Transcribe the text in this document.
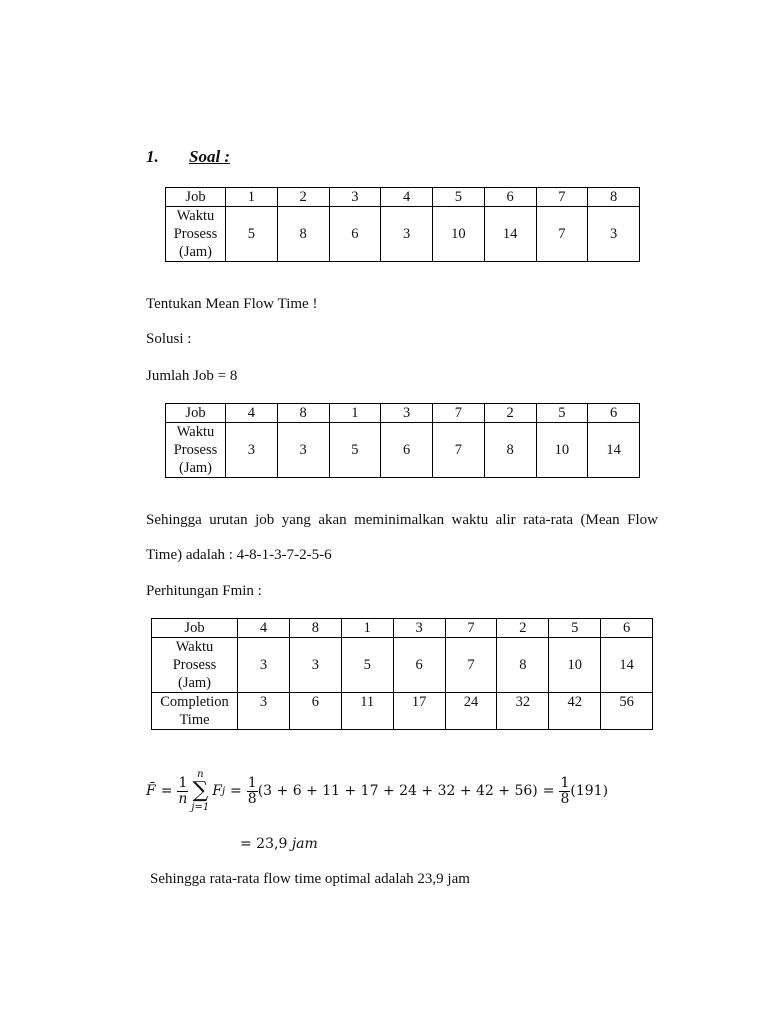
1. Soal :
Job	1	2	3	4	5	6	7	8

Waktu
Prosess
(Jam)	5	8	6	3	10	14	7	3
Tentukan Mean Flow Time !
Solusi :
Jumlah Job = 8
Job	4	8	1	3	7	2	5	6

Waktu
Prosess
(Jam)	3	3	5	6	7	8	10	14
Sehingga urutan job yang akan meminimalkan waktu alir rata-rata (Mean Flow
Time) adalah : 4-8-1-3-7-2-5-6
Perhitungan Fmin :
Job	4	8	1	3	7	2	5	6

Waktu
Prosess
(Jam)	3	3	5	6	7	8	10	14

Completion
Time	3	6	11	17	24	32	42	56
F̄ = $\frac{1}{n}$
n
∑
j=1
F $j = \frac{1}{8} (3 + 6 + 11 + 17 + 24 + 32 + 42 + 56) = \frac{1}{8} (191)$
= 23,9 jam
Sehingga rata-rata flow time optimal adalah 23,9 jam
